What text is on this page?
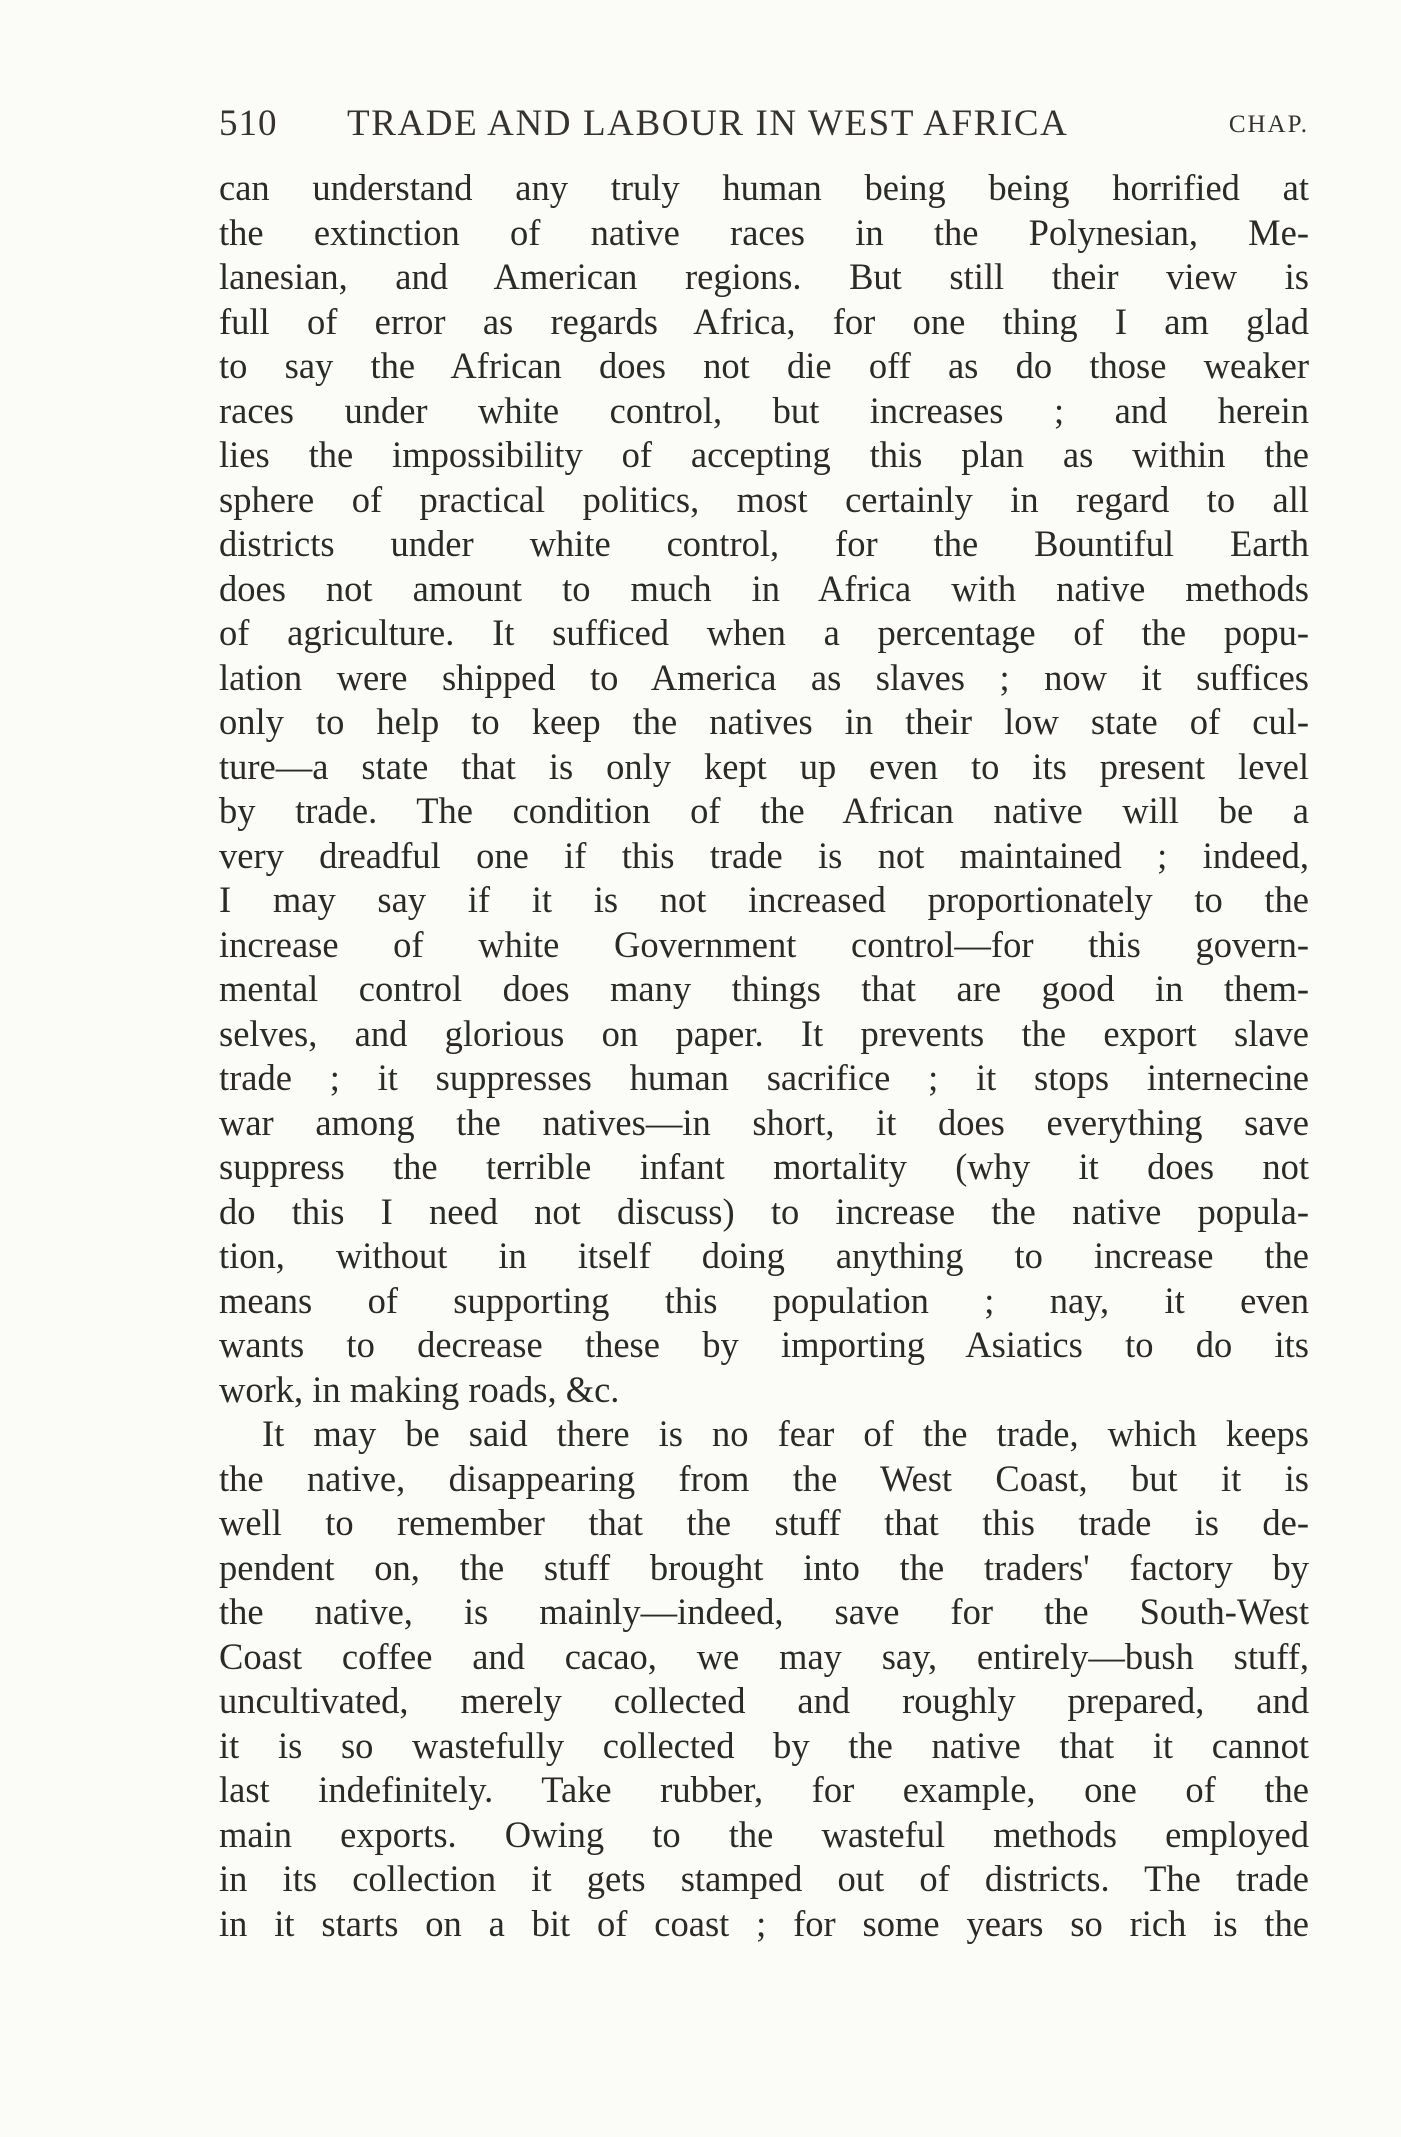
510 TRADE AND LABOUR IN WEST AFRICA	CHAP.
can understand any truly human being being horrified at
the extinction of native races in the Polynesian, Me-
lanesian, and American regions. But still their view is
full of error as regards Africa, for one thing I am glad
to say the African does not die off as do those weaker
races under white control, but increases ; and herein
lies the impossibility of accepting this plan as within the
sphere of practical politics, most certainly in regard to all
districts under white control, for the Bountiful Earth
does not amount to much in Africa with native methods
of agriculture. It sufficed when a percentage of the popu-
lation were shipped to America as slaves ; now it suffices
only to help to keep the natives in their low state of cul-
ture—a state that is only kept up even to its present level
by trade. The condition of the African native will be a
very dreadful one if this trade is not maintained ; indeed,
I may say if it is not increased proportionately to the
increase of white Government control—for this govern-
mental control does many things that are good in them-
selves, and glorious on paper. It prevents the export slave
trade ; it suppresses human sacrifice ; it stops internecine
war among the natives—in short, it does everything save
suppress the terrible infant mortality (why it does not
do this I need not discuss) to increase the native popula-
tion, without in itself doing anything to increase the
means of supporting this population ; nay, it even
wants to decrease these by importing Asiatics to do its
work, in making roads, &c.
It may be said there is no fear of the trade, which keeps
the native, disappearing from the West Coast, but it is
well to remember that the stuff that this trade is de-
pendent on, the stuff brought into the traders' factory by
the native, is mainly—indeed, save for the South-West
Coast coffee and cacao, we may say, entirely—bush stuff,
uncultivated, merely collected and roughly prepared, and
it is so wastefully collected by the native that it cannot
last indefinitely. Take rubber, for example, one of the
main exports. Owing to the wasteful methods employed
in its collection it gets stamped out of districts. The trade
in it starts on a bit of coast ; for some years so rich is the
